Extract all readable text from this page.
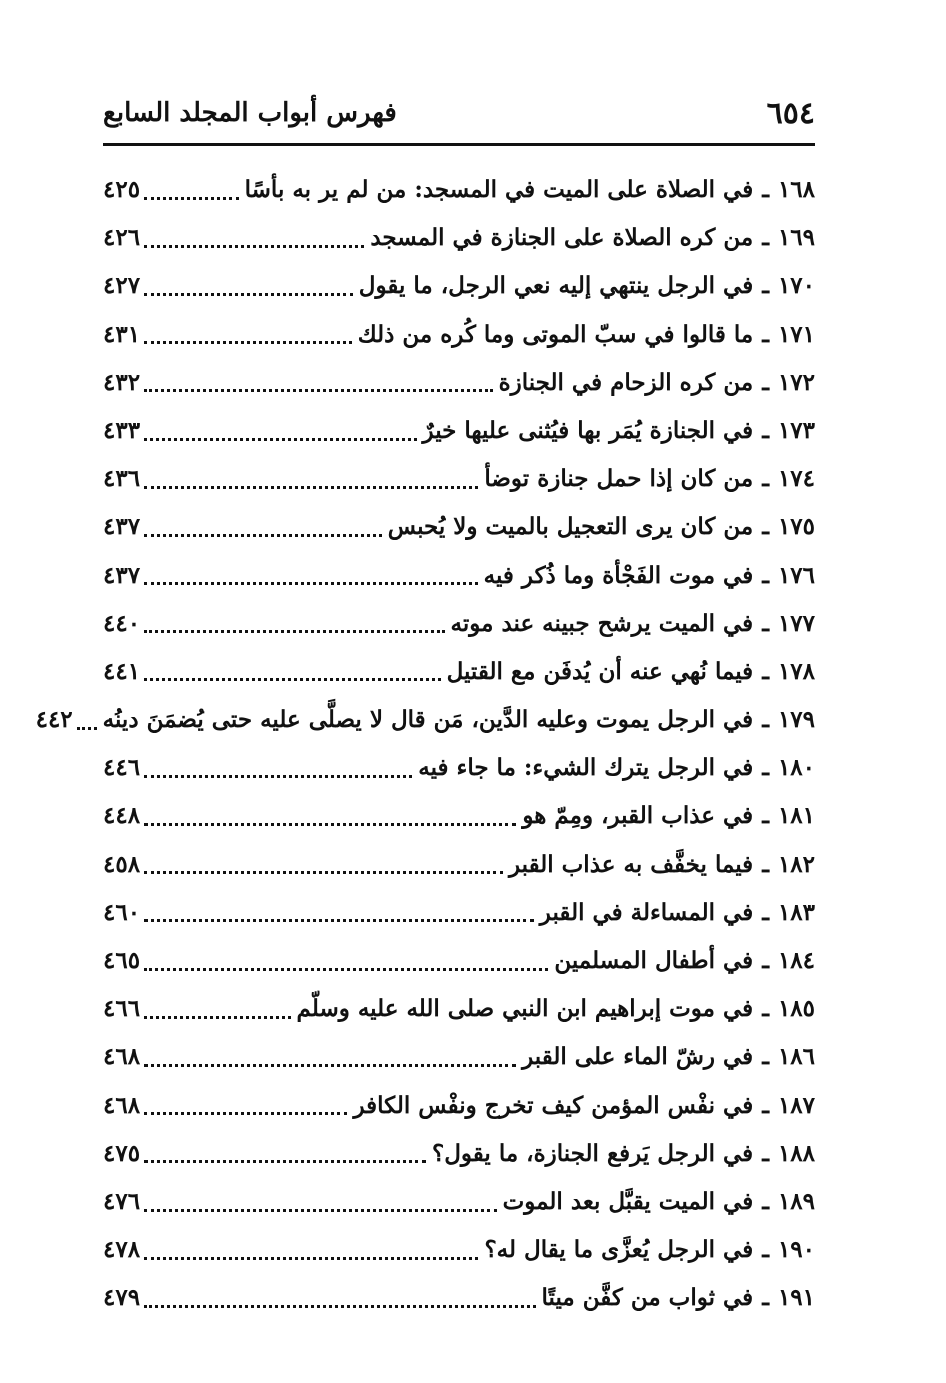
٦٥٤
فهرس أبواب المجلد السابع
١٦٨
ـ
في الصلاة على الميت في المسجد: من لم ير به بأسًا
٤٢٥
١٦٩
ـ
من كره الصلاة على الجنازة في المسجد
٤٢٦
١٧٠
ـ
في الرجل ينتهي إليه نعي الرجل، ما يقول
٤٢٧
١٧١
ـ
ما قالوا في سبّ الموتى وما كُره من ذلك
٤٣١
١٧٢
ـ
من كره الزحام في الجنازة
٤٣٢
١٧٣
ـ
في الجنازة يُمَر بها فيُثنى عليها خيرٌ
٤٣٣
١٧٤
ـ
من كان إذا حمل جنازة توضأ
٤٣٦
١٧٥
ـ
من كان يرى التعجيل بالميت ولا يُحبس
٤٣٧
١٧٦
ـ
في موت الفَجْأة وما ذُكر فيه
٤٣٧
١٧٧
ـ
في الميت يرشح جبينه عند موته
٤٤٠
١٧٨
ـ
فيما نُهي عنه أن يُدفَن مع القتيل
٤٤١
١٧٩
ـ
في الرجل يموت وعليه الدَّين، مَن قال لا يصلَّى عليه حتى يُضمَنَ دينُه
٤٤٢
١٨٠
ـ
في الرجل يترك الشيء: ما جاء فيه
٤٤٦
١٨١
ـ
في عذاب القبر، ومِمّ هو
٤٤٨
١٨٢
ـ
فيما يخفَّف به عذاب القبر
٤٥٨
١٨٣
ـ
في المساءلة في القبر
٤٦٠
١٨٤
ـ
في أطفال المسلمين
٤٦٥
١٨٥
ـ
في موت إبراهيم ابن النبي صلى الله عليه وسلّم
٤٦٦
١٨٦
ـ
في رشّ الماء على القبر
٤٦٨
١٨٧
ـ
في نفْس المؤمن كيف تخرج ونفْس الكافر
٤٦٨
١٨٨
ـ
في الرجل يَرفع الجنازة، ما يقول؟
٤٧٥
١٨٩
ـ
في الميت يقبَّل بعد الموت
٤٧٦
١٩٠
ـ
في الرجل يُعزَّى ما يقال له؟
٤٧٨
١٩١
ـ
في ثواب من كفَّن ميتًا
٤٧٩
